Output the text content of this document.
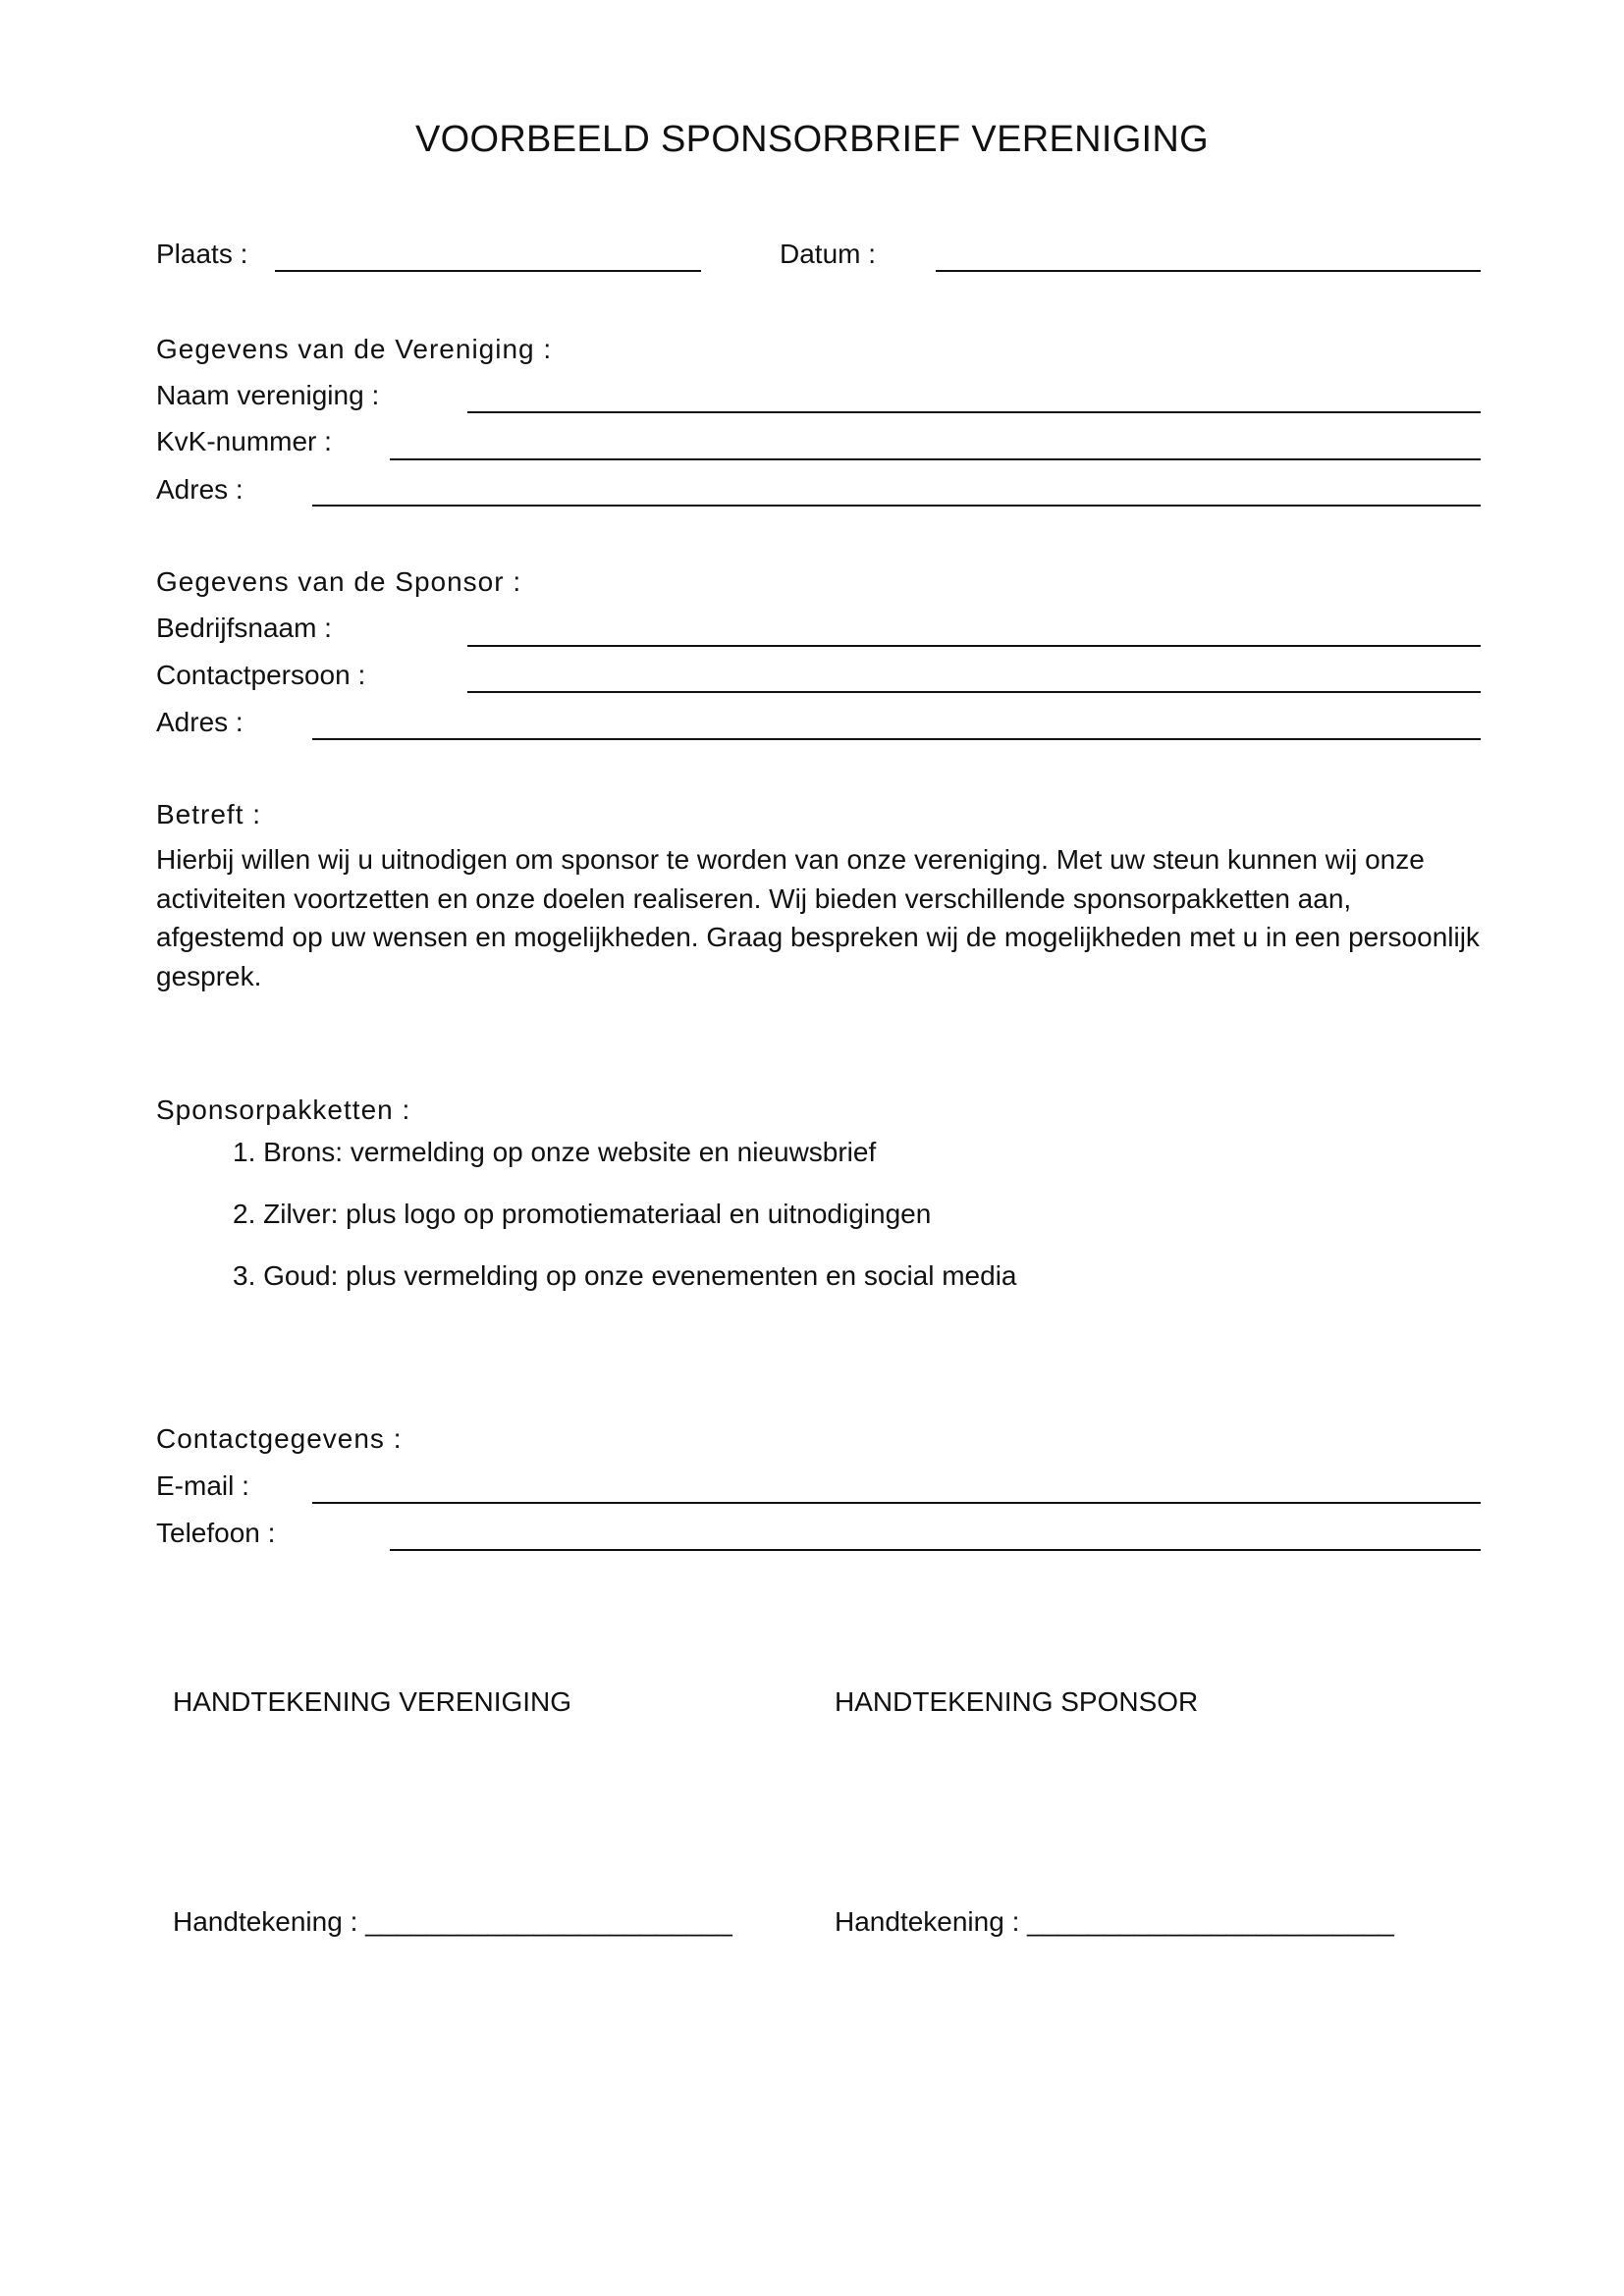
VOORBEELD SPONSORBRIEF VERENIGING
Plaats :	Datum :
Gegevens van de Vereniging :
Naam vereniging :
KvK-nummer :
Adres :
Gegevens van de Sponsor :
Bedrijfsnaam :
Contactpersoon :
Adres :
Betreft :
Hierbij willen wij u uitnodigen om sponsor te worden van onze vereniging. Met uw steun kunnen wij onze activiteiten voortzetten en onze doelen realiseren. Wij bieden verschillende sponsorpakketten aan, afgestemd op uw wensen en mogelijkheden. Graag bespreken wij de mogelijkheden met u in een persoonlijk gesprek.
Sponsorpakketten :
1. Brons: vermelding op onze website en nieuwsbrief
2. Zilver: plus logo op promotiemateriaal en uitnodigingen
3. Goud: plus vermelding op onze evenementen en social media
Contactgegevens :
E-mail :
Telefoon :
HANDTEKENING VERENIGING	HANDTEKENING SPONSOR
Handtekening : ________________________	Handtekening : ________________________
